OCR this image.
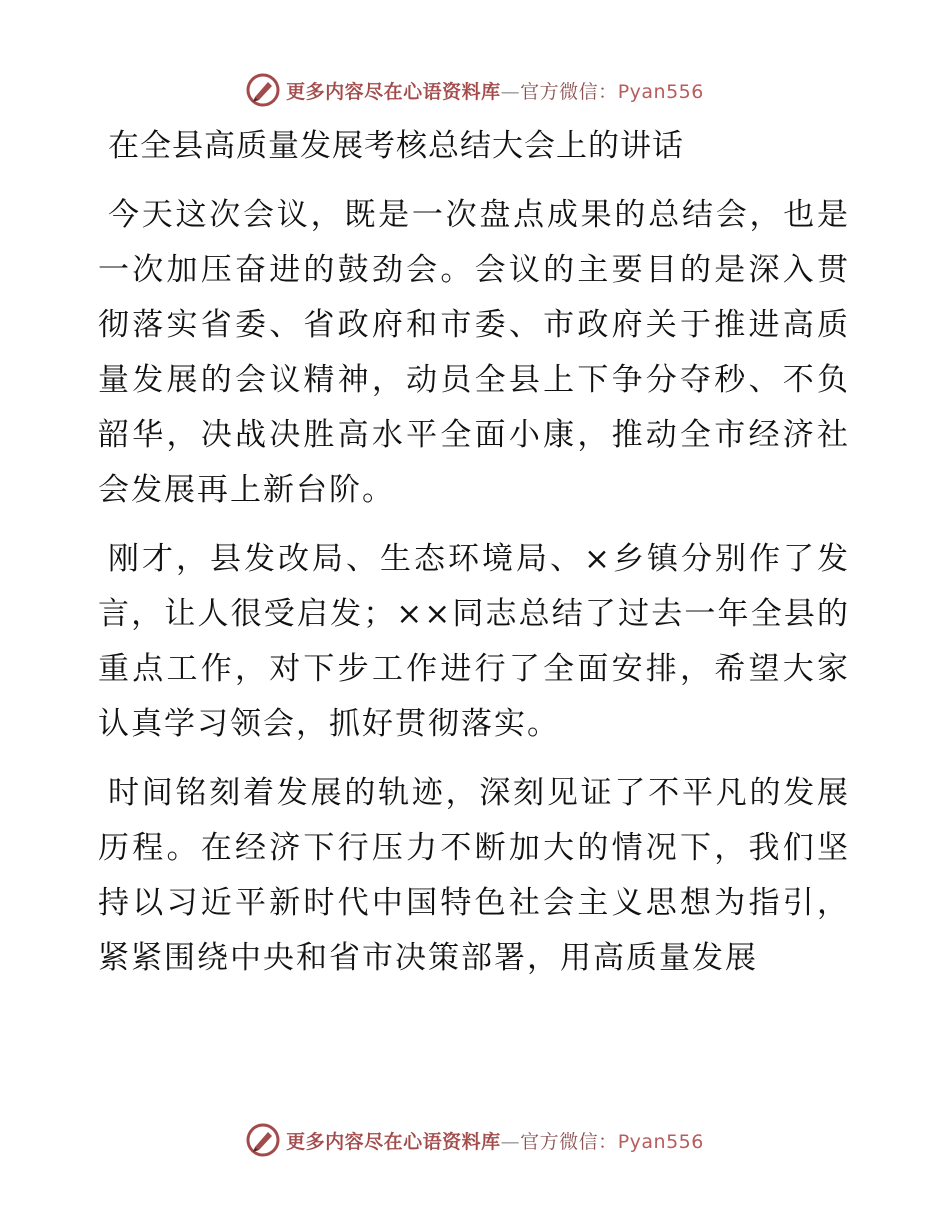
更多内容尽在心语资料库—官方微信：Pyan556
在全县高质量发展考核总结大会上的讲话

今天这次会议，既是一次盘点成果的总结会，也是一次加压奋进的鼓劲会。会议的主要目的是深入贯彻落实省委、省政府和市委、市政府关于推进高质量发展的会议精神，动员全县上下争分夺秒、不负韶华，决战决胜高水平全面小康，推动全市经济社会发展再上新台阶。

刚才，县发改局、生态环境局、×乡镇分别作了发言，让人很受启发；××同志总结了过去一年全县的重点工作，对下步工作进行了全面安排，希望大家认真学习领会，抓好贯彻落实。

时间铭刻着发展的轨迹，深刻见证了不平凡的发展历程。在经济下行压力不断加大的情况下，我们坚持以习近平新时代中国特色社会主义思想为指引，紧紧围绕中央和省市决策部署，用高质量发展

更多内容尽在心语资料库—官方微信：Pyan556
